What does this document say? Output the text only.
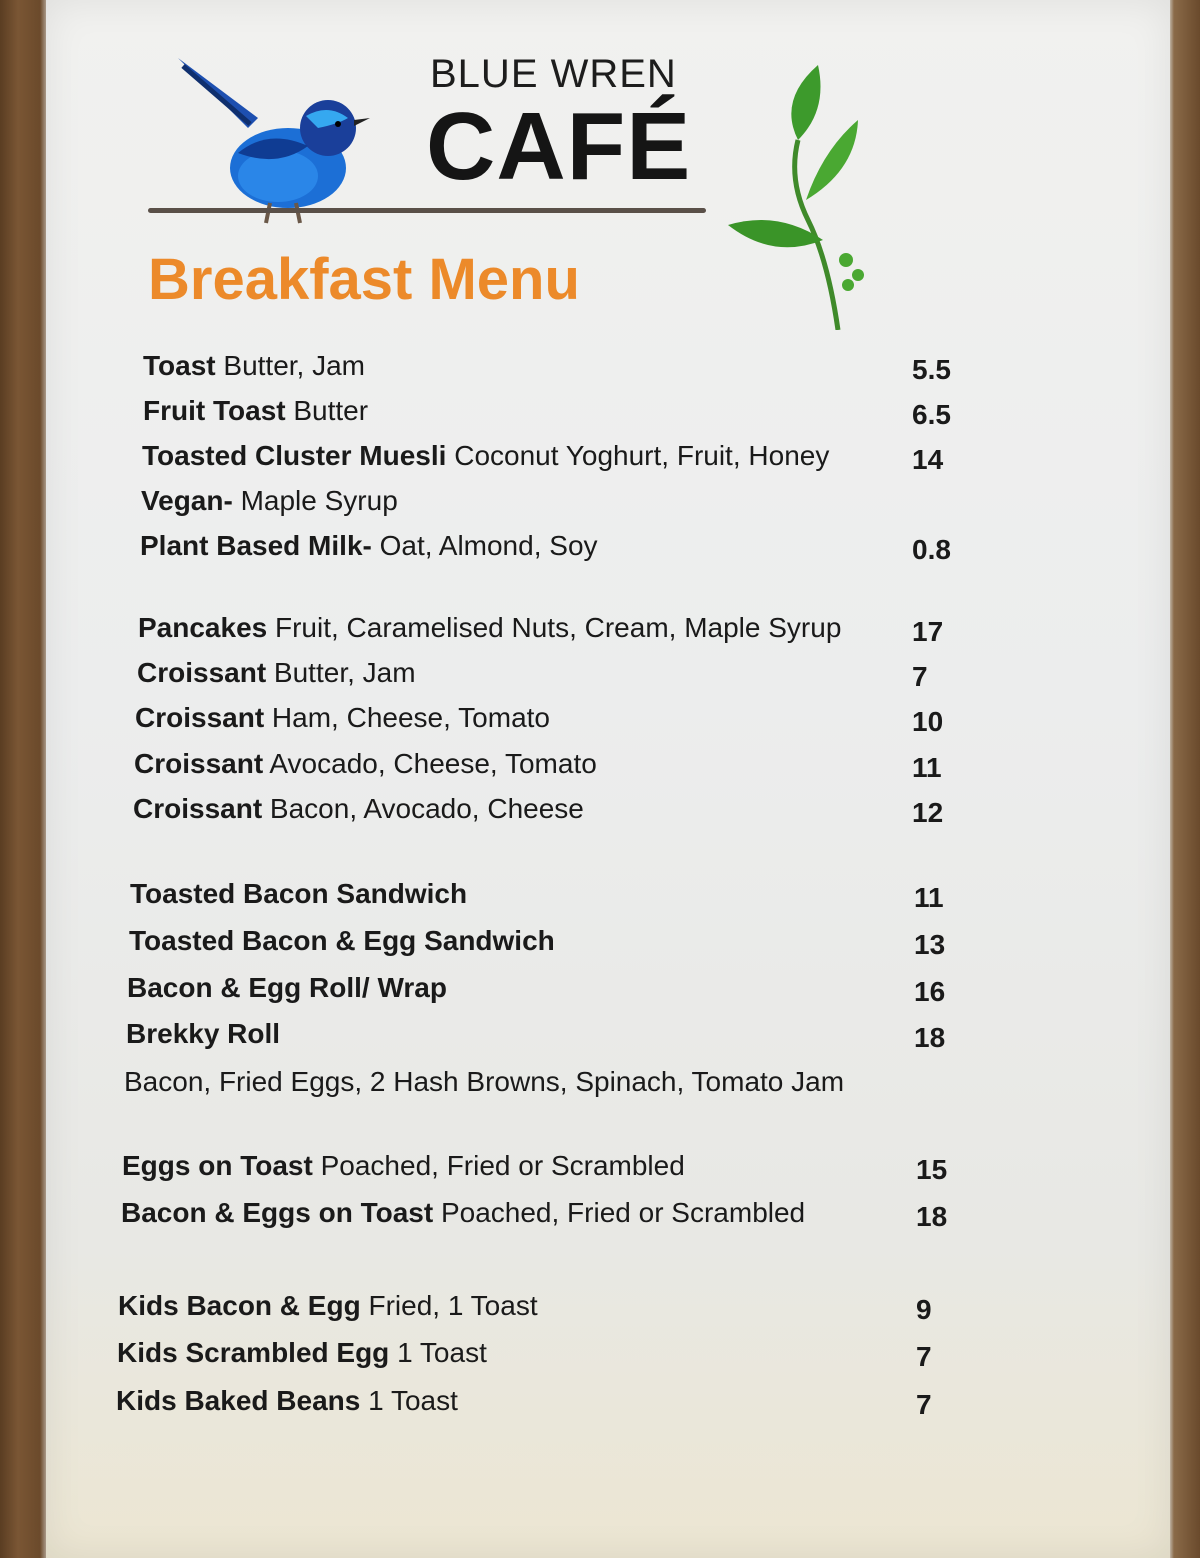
BLUE WREN
CAFÉ
Breakfast Menu
Toast Butter, Jam	5.5
Fruit Toast Butter	6.5
Toasted Cluster Muesli Coconut Yoghurt, Fruit, Honey	14
Vegan- Maple Syrup
Plant Based Milk- Oat, Almond, Soy	0.8
Pancakes Fruit, Caramelised Nuts, Cream, Maple Syrup	17
Croissant Butter, Jam	7
Croissant Ham, Cheese, Tomato	10
Croissant Avocado, Cheese, Tomato	11
Croissant Bacon, Avocado, Cheese	12
Toasted Bacon Sandwich	11
Toasted Bacon & Egg Sandwich	13
Bacon & Egg Roll/ Wrap	16
Brekky Roll	18
Bacon, Fried Eggs, 2 Hash Browns, Spinach, Tomato Jam
Eggs on Toast Poached, Fried or Scrambled	15
Bacon & Eggs on Toast Poached, Fried or Scrambled	18
Kids Bacon & Egg Fried, 1 Toast	9
Kids Scrambled Egg 1 Toast	7
Kids Baked Beans 1 Toast	7
